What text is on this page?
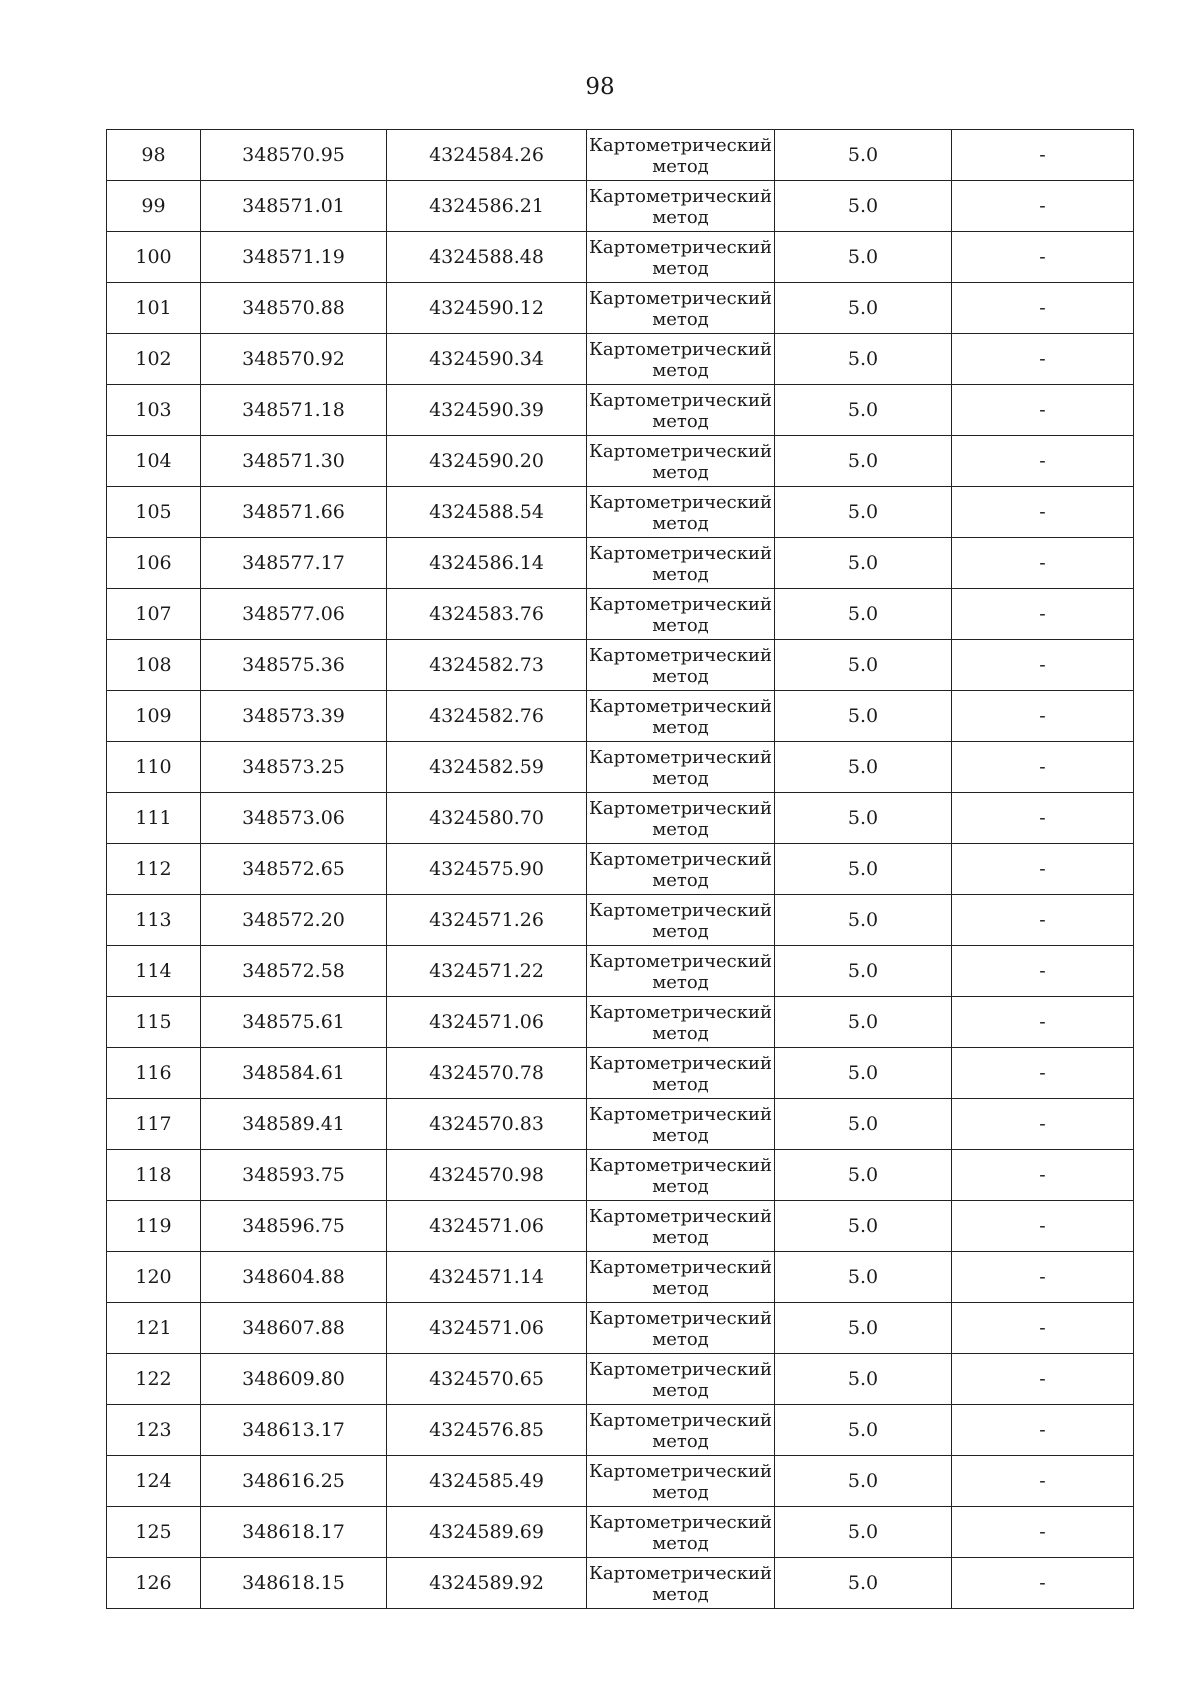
98
98	348570.95	4324584.26	Картометрический
метод	5.0	-
99	348571.01	4324586.21	Картометрический
метод	5.0	-
100	348571.19	4324588.48	Картометрический
метод	5.0	-
101	348570.88	4324590.12	Картометрический
метод	5.0	-
102	348570.92	4324590.34	Картометрический
метод	5.0	-
103	348571.18	4324590.39	Картометрический
метод	5.0	-
104	348571.30	4324590.20	Картометрический
метод	5.0	-
105	348571.66	4324588.54	Картометрический
метод	5.0	-
106	348577.17	4324586.14	Картометрический
метод	5.0	-
107	348577.06	4324583.76	Картометрический
метод	5.0	-
108	348575.36	4324582.73	Картометрический
метод	5.0	-
109	348573.39	4324582.76	Картометрический
метод	5.0	-
110	348573.25	4324582.59	Картометрический
метод	5.0	-
111	348573.06	4324580.70	Картометрический
метод	5.0	-
112	348572.65	4324575.90	Картометрический
метод	5.0	-
113	348572.20	4324571.26	Картометрический
метод	5.0	-
114	348572.58	4324571.22	Картометрический
метод	5.0	-
115	348575.61	4324571.06	Картометрический
метод	5.0	-
116	348584.61	4324570.78	Картометрический
метод	5.0	-
117	348589.41	4324570.83	Картометрический
метод	5.0	-
118	348593.75	4324570.98	Картометрический
метод	5.0	-
119	348596.75	4324571.06	Картометрический
метод	5.0	-
120	348604.88	4324571.14	Картометрический
метод	5.0	-
121	348607.88	4324571.06	Картометрический
метод	5.0	-
122	348609.80	4324570.65	Картометрический
метод	5.0	-
123	348613.17	4324576.85	Картометрический
метод	5.0	-
124	348616.25	4324585.49	Картометрический
метод	5.0	-
125	348618.17	4324589.69	Картометрический
метод	5.0	-
126	348618.15	4324589.92	Картометрический
метод	5.0	-
